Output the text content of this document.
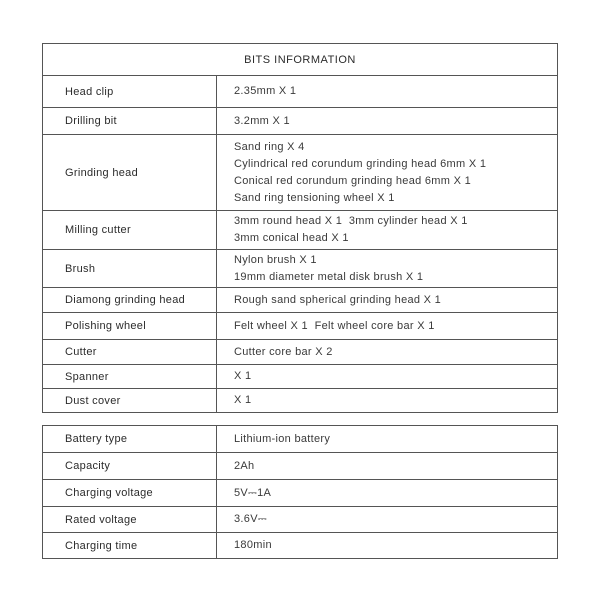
BITS INFORMATION	
Head clip	2.35mm X 1

Drilling bit	3.2mm X 1

Grinding head	Sand ring X 4
Cylindrical red corundum grinding head 6mm X 1
Conical red corundum grinding head 6mm X 1
Sand ring tensioning wheel X 1

Milling cutter	3mm round head X 1  3mm cylinder head X 1
3mm conical head X 1

Brush	Nylon brush X 1
19mm diameter metal disk brush X 1

Diamong grinding head	Rough sand spherical grinding head X 1

Polishing wheel	Felt wheel X 1  Felt wheel core bar X 1

Cutter	Cutter core bar X 2

Spanner	X 1

Dust cover	X 1
Battery type	Lithium-ion battery

Capacity	2Ah

Charging voltage	5V⎓1A

Rated voltage	3.6V⎓

Charging time	180min
